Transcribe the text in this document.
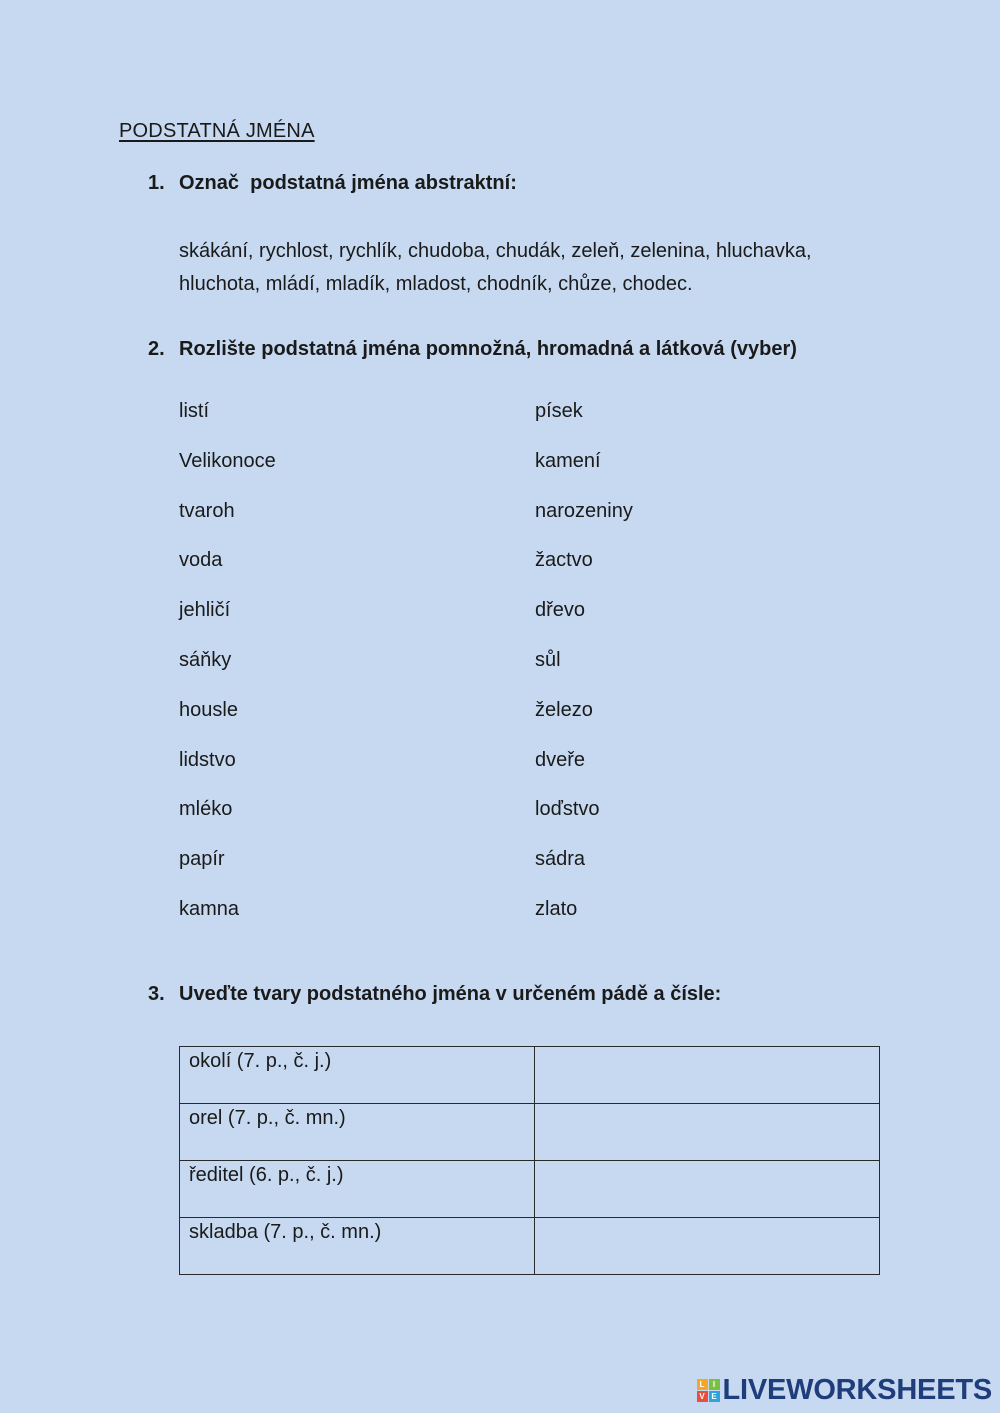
PODSTATNÁ JMÉNA
1. Označ  podstatná jména abstraktní:
skákání, rychlost, rychlík, chudoba, chudák, zeleň, zelenina, hluchavka,
hluchota, mládí, mladík, mladost, chodník, chůze, chodec.
2. Rozlište podstatná jména pomnožná, hromadná a látková (vyber)
listí	písek
Velikonoce	kamení
tvaroh	narozeniny
voda	žactvo
jehličí	dřevo
sáňky	sůl
housle	železo
lidstvo	dveře
mléko	loďstvo
papír	sádra
kamna	zlato
3. Uveďte tvary podstatného jména v určeném pádě a čísle:
okolí (7. p., č. j.)	
orel (7. p., č. mn.)	
ředitel (6. p., č. j.)	
skladba (7. p., č. mn.)	
L	I
V E LIVEWORKSHEETS
